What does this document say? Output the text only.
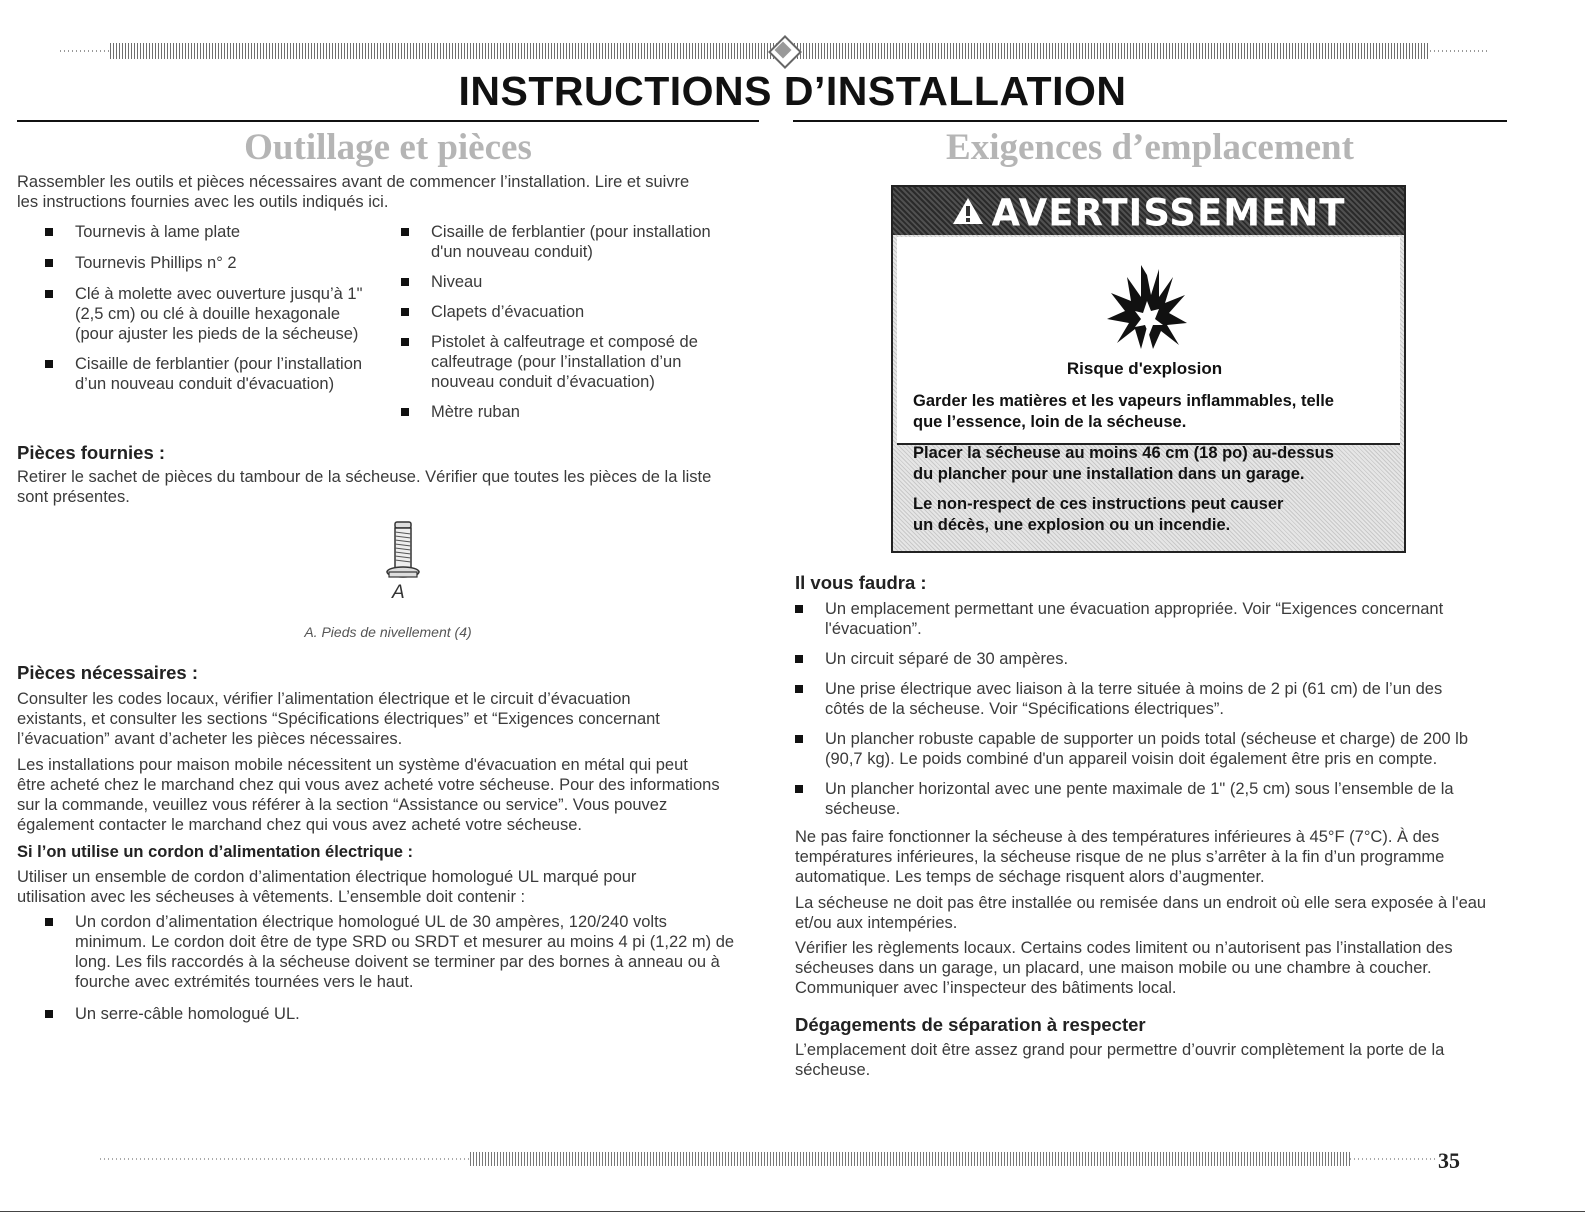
INSTRUCTIONS D’INSTALLATION
Outillage et pièces	Exigences d’emplacement
Rassembler les outils et pièces nécessaires avant de commencer l’installation. Lire et suivre
les instructions fournies avec les outils indiqués ici.
Tournevis à lame plate
Tournevis Phillips n° 2
Clé à molette avec ouverture jusqu’à 1"
(2,5 cm) ou clé à douille hexagonale
(pour ajuster les pieds de la sécheuse)
Cisaille de ferblantier (pour l’installation
d’un nouveau conduit d'évacuation)
Cisaille de ferblantier (pour installation
d'un nouveau conduit)
Niveau
Clapets d’évacuation
Pistolet à calfeutrage et composé de
calfeutrage (pour l’installation d’un
nouveau conduit d’évacuation)
Mètre ruban
Pièces fournies :
Retirer le sachet de pièces du tambour de la sécheuse. Vérifier que toutes les pièces de la liste
sont présentes.
A
A. Pieds de nivellement (4)
Pièces nécessaires :
Consulter les codes locaux, vérifier l’alimentation électrique et le circuit d’évacuation
existants, et consulter les sections “Spécifications électriques” et “Exigences concernant
l’évacuation” avant d’acheter les pièces nécessaires.
Les installations pour maison mobile nécessitent un système d'évacuation en métal qui peut
être acheté chez le marchand chez qui vous avez acheté votre sécheuse. Pour des informations
sur la commande, veuillez vous référer à la section “Assistance ou service”. Vous pouvez
également contacter le marchand chez qui vous avez acheté votre sécheuse.
Si l’on utilise un cordon d’alimentation électrique :
Utiliser un ensemble de cordon d’alimentation électrique homologué UL marqué pour
utilisation avec les sécheuses à vêtements. L’ensemble doit contenir :
Un cordon d’alimentation électrique homologué UL de 30 ampères, 120/240 volts
minimum. Le cordon doit être de type SRD ou SRDT et mesurer au moins 4 pi (1,22 m) de
long. Les fils raccordés à la sécheuse doivent se terminer par des bornes à anneau ou à
fourche avec extrémités tournées vers le haut.
Un serre-câble homologué UL.
AVERTISSEMENT
Risque d'explosion
Garder les matières et les vapeurs inflammables, telle
que l’essence, loin de la sécheuse.
Placer la sécheuse au moins 46 cm (18 po) au-dessus
du plancher pour une installation dans un garage.
Le non-respect de ces instructions peut causer
un décès, une explosion ou un incendie.
Il vous faudra :
Un emplacement permettant une évacuation appropriée. Voir “Exigences concernant
l'évacuation”.
Un circuit séparé de 30 ampères.
Une prise électrique avec liaison à la terre située à moins de 2 pi (61 cm) de l’un des
côtés de la sécheuse. Voir “Spécifications électriques”.
Un plancher robuste capable de supporter un poids total (sécheuse et charge) de 200 lb
(90,7 kg). Le poids combiné d'un appareil voisin doit également être pris en compte.
Un plancher horizontal avec une pente maximale de 1" (2,5 cm) sous l’ensemble de la
sécheuse.
Ne pas faire fonctionner la sécheuse à des températures inférieures à 45°F (7°C). À des
températures inférieures, la sécheuse risque de ne plus s’arrêter à la fin d’un programme
automatique. Les temps de séchage risquent alors d’augmenter.
La sécheuse ne doit pas être installée ou remisée dans un endroit où elle sera exposée à l'eau
et/ou aux intempéries.
Vérifier les règlements locaux. Certains codes limitent ou n’autorisent pas l’installation des
sécheuses dans un garage, un placard, une maison mobile ou une chambre à coucher.
Communiquer avec l’inspecteur des bâtiments local.
Dégagements de séparation à respecter
L’emplacement doit être assez grand pour permettre d’ouvrir complètement la porte de la
sécheuse.
35
